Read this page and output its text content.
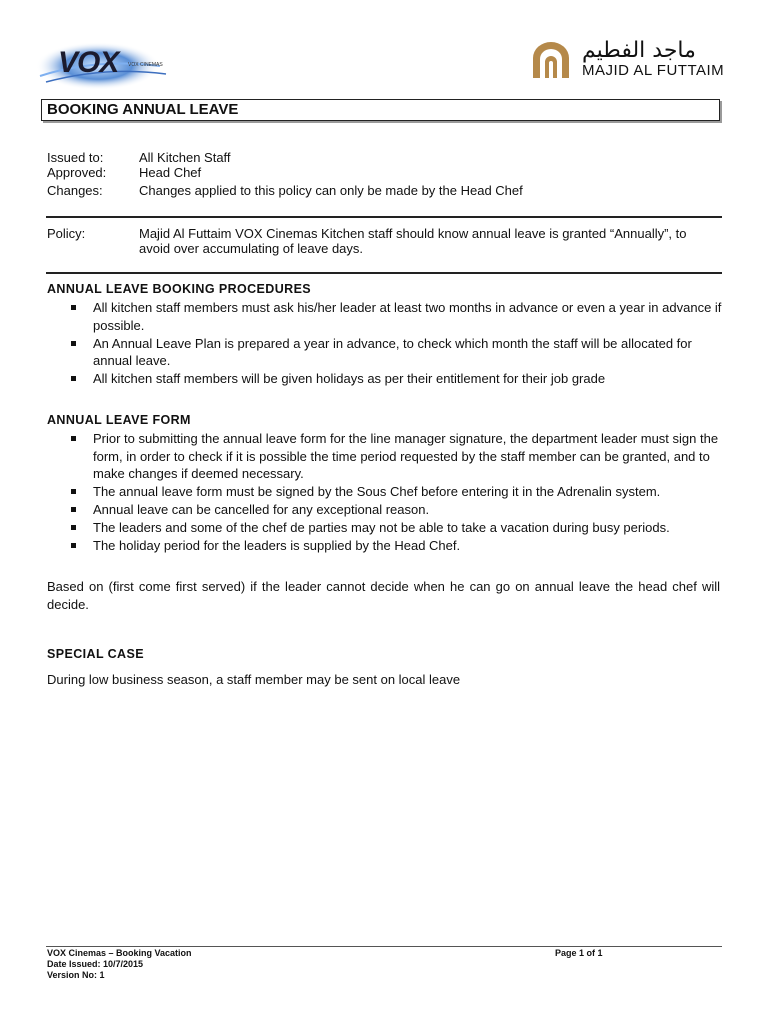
VOX VOX CINEMAS
ماجد الفطيم
MAJID AL FUTTAIM
BOOKING ANNUAL LEAVE
Issued to:	All Kitchen Staff
Approved:	Head Chef
Changes:	Changes applied to this policy can only be made by the Head Chef
Policy:	Majid Al Futtaim VOX Cinemas Kitchen staff should know annual leave is granted “Annually”, to avoid over accumulating of leave days.
ANNUAL LEAVE BOOKING PROCEDURES
All kitchen staff members must ask his/her leader at least two months in advance or even a year in advance if possible.
An Annual Leave Plan is prepared a year in advance, to check which month the staff will be allocated for annual leave.
All kitchen staff members will be given holidays as per their entitlement for their job grade
ANNUAL LEAVE FORM
Prior to submitting the annual leave form for the line manager signature, the department leader must sign the form, in order to check if it is possible the time period requested by the staff member can be granted, and to make changes if deemed necessary.
The annual leave form must be signed by the Sous Chef before entering it in the Adrenalin system.
Annual leave can be cancelled for any exceptional reason.
The leaders and some of the chef de parties may not be able to take a vacation during busy periods.
The holiday period for the leaders is supplied by the Head Chef.
Based on (first come first served) if the leader cannot decide when he can go on annual leave the head chef will decide.
SPECIAL CASE
During low business season, a staff member may be sent on local leave
VOX Cinemas – Booking Vacation	Page 1 of 1
Date Issued: 10/7/2015
Version No: 1
